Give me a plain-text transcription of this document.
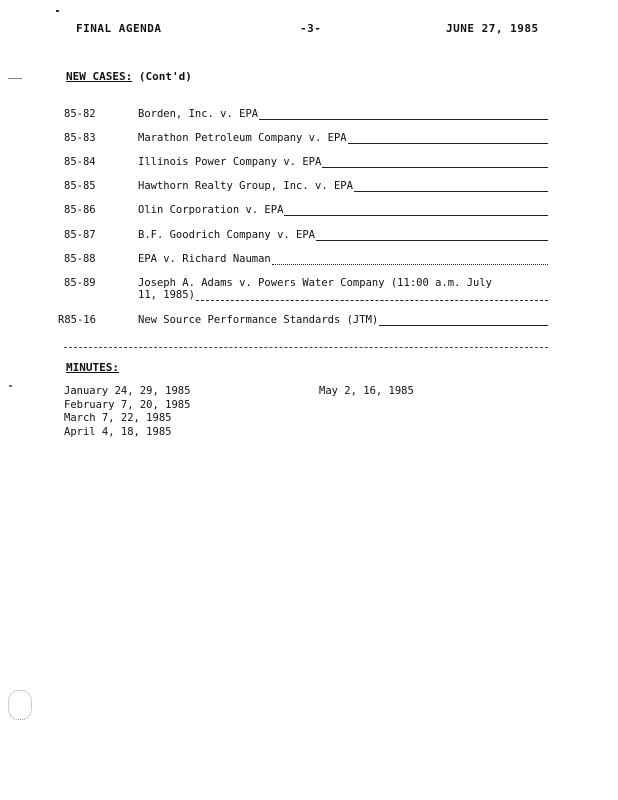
FINAL AGENDA	-3-	JUNE 27, 1985
NEW CASES: (Cont'd)
85-82	Borden, Inc. v. EPA
85-83	Marathon Petroleum Company v. EPA
85-84	Illinois Power Company v. EPA
85-85	Hawthorn Realty Group, Inc. v. EPA
85-86	Olin Corporation v. EPA
85-87	B.F. Goodrich Company v. EPA
85-88	EPA v. Richard Nauman
85-89	Joseph A. Adams v. Powers Water Company (11:00 a.m. July
11, 1985)
R85-16	New Source Performance Standards (JTM)
MINUTES:
January 24, 29, 1985
February 7, 20, 1985
March 7, 22, 1985
April 4, 18, 1985
May 2, 16, 1985
